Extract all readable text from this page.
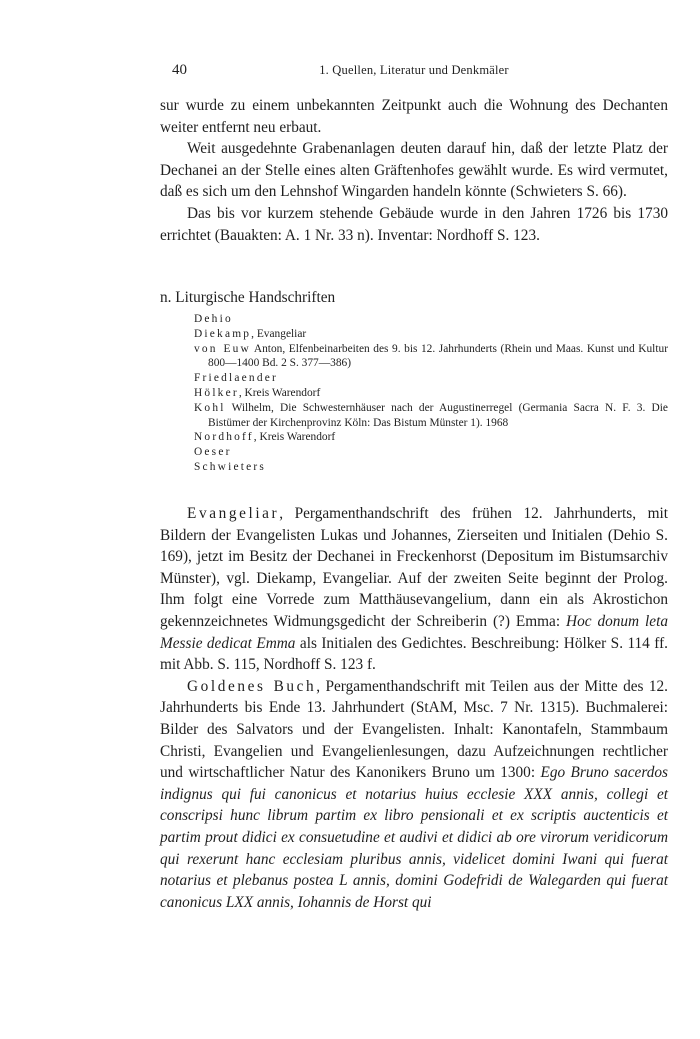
40	1. Quellen, Literatur und Denkmäler

sur wurde zu einem unbekannten Zeitpunkt auch die Wohnung des Dechanten weiter entfernt neu erbaut.

Weit ausgedehnte Grabenanlagen deuten darauf hin, daß der letzte Platz der Dechanei an der Stelle eines alten Gräftenhofes gewählt wurde. Es wird vermutet, daß es sich um den Lehnshof Wingarden handeln könnte (Schwieters S. 66).

Das bis vor kurzem stehende Gebäude wurde in den Jahren 1726 bis 1730 errichtet (Bauakten: A. 1 Nr. 33 n). Inventar: Nordhoff S. 123.

n. Liturgische Handschriften

Dehio

Diekamp, Evangeliar

von Euw Anton, Elfenbeinarbeiten des 9. bis 12. Jahrhunderts (Rhein und Maas. Kunst und Kultur 800—1400 Bd. 2 S. 377—386)

Friedlaender

Hölker, Kreis Warendorf

Kohl Wilhelm, Die Schwesternhäuser nach der Augustinerregel (Germania Sacra N. F. 3. Die Bistümer der Kirchenprovinz Köln: Das Bistum Münster 1). 1968

Nordhoff, Kreis Warendorf

Oeser

Schwieters

Evangeliar, Pergamenthandschrift des frühen 12. Jahrhunderts, mit Bildern der Evangelisten Lukas und Johannes, Zierseiten und Initialen (Dehio S. 169), jetzt im Besitz der Dechanei in Freckenhorst (Depositum im Bistumsarchiv Münster), vgl. Diekamp, Evangeliar. Auf der zweiten Seite beginnt der Prolog. Ihm folgt eine Vorrede zum Matthäusevangelium, dann ein als Akrostichon gekennzeichnetes Widmungsgedicht der Schreiberin (?) Emma: Hoc donum leta Messie dedicat Emma als Initialen des Gedichtes. Beschreibung: Hölker S. 114 ff. mit Abb. S. 115, Nordhoff S. 123 f.

Goldenes Buch, Pergamenthandschrift mit Teilen aus der Mitte des 12. Jahrhunderts bis Ende 13. Jahrhundert (StAM, Msc. 7 Nr. 1315). Buchmalerei: Bilder des Salvators und der Evangelisten. Inhalt: Kanontafeln, Stammbaum Christi, Evangelien und Evangelienlesungen, dazu Aufzeichnungen rechtlicher und wirtschaftlicher Natur des Kanonikers Bruno um 1300: Ego Bruno sacerdos indignus qui fui canonicus et notarius huius ecclesie XXX annis, collegi et conscripsi hunc librum partim ex libro pensionali et ex scriptis auctenticis et partim prout didici ex consuetudine et audivi et didici ab ore virorum veridicorum qui rexerunt hanc ecclesiam pluribus annis, videlicet domini Iwani qui fuerat notarius et plebanus postea L annis, domini Godefridi de Walegarden qui fuerat canonicus LXX annis, Iohannis de Horst qui
